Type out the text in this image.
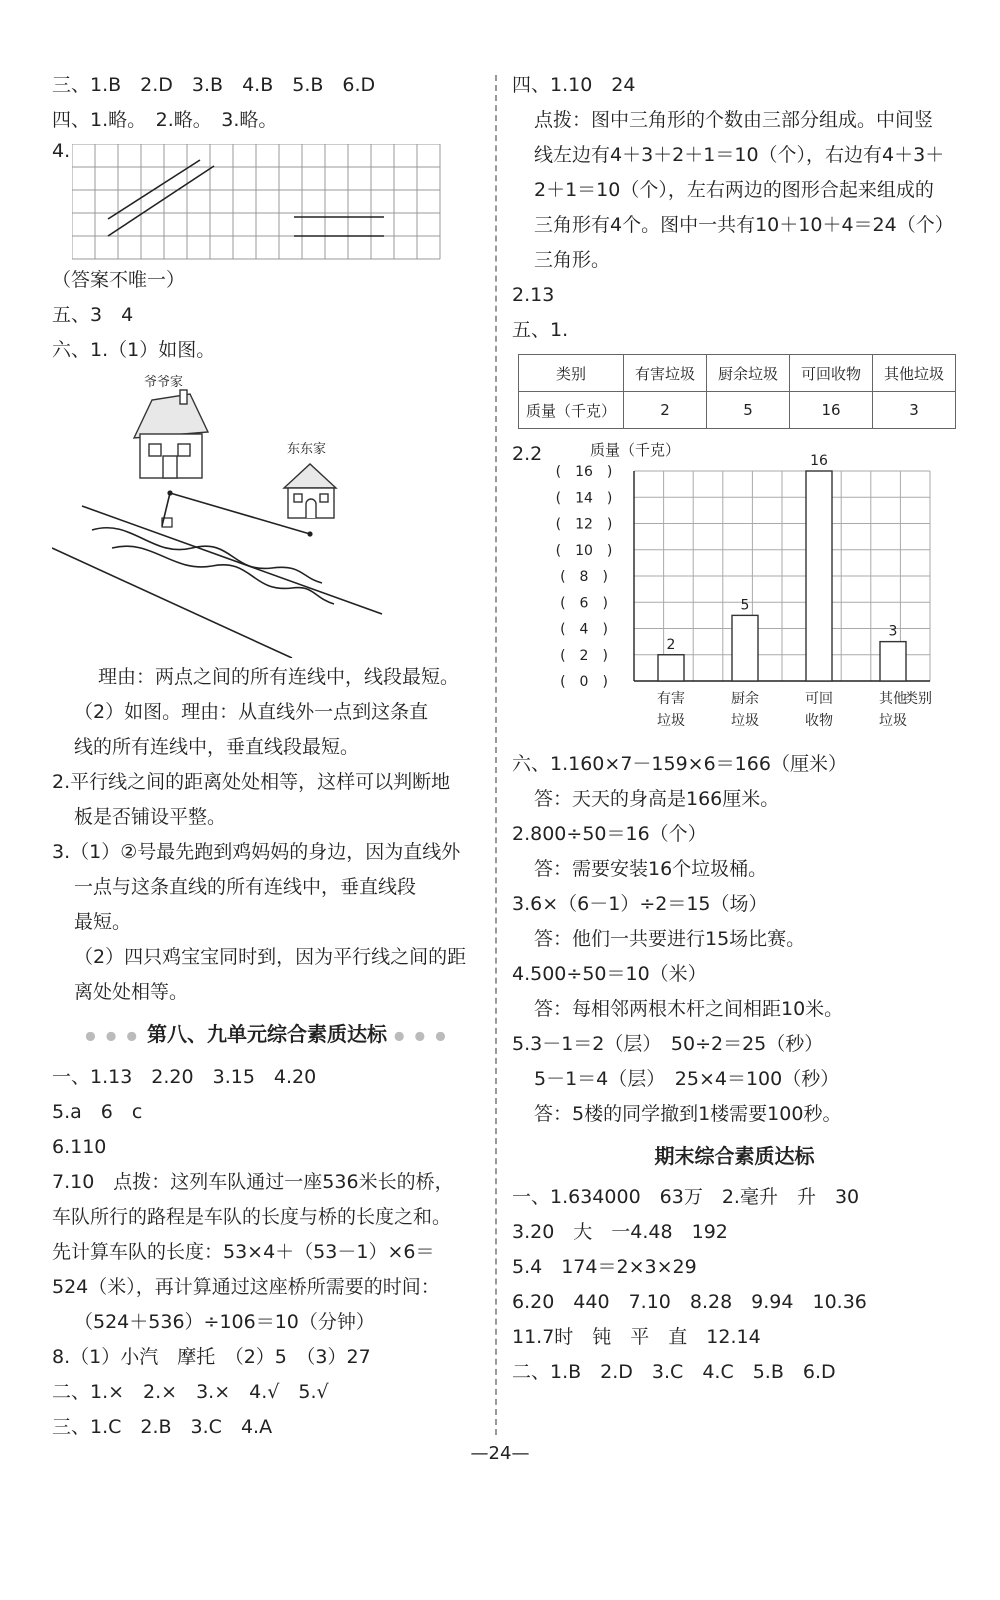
三、1.B　2.D　3.B　4.B　5.B　6.D
四、1.略。　2.略。　3.略。
4.
（答案不唯一）
五、3　4
六、1.（1）如图。
爷爷家
东东家
理由：两点之间的所有连线中，线段最短。
（2）如图。理由：从直线外一点到这条直
线的所有连线中，垂直线段最短。
2.平行线之间的距离处处相等，这样可以判断地
板是否铺设平整。
3.（1）②号最先跑到鸡妈妈的身边，因为直线外
一点与这条直线的所有连线中，垂直线段
最短。
（2）四只鸡宝宝同时到，因为平行线之间的距
离处处相等。
● ● ● 第八、九单元综合素质达标 ● ● ●
一、1.13　2.20　3.15　4.20
5.a　6　c
6.110
7.10　点拨：这列车队通过一座536米长的桥，
车队所行的路程是车队的长度与桥的长度之和。
先计算车队的长度：53×4＋（53－1）×6＝
524（米），再计算通过这座桥所需要的时间：
（524＋536）÷106＝10（分钟）
8.（1）小汽　摩托　（2）5　（3）27
二、1.×　2.×　3.×　4.√　5.√
三、1.C　2.B　3.C　4.A
四、1.10　24
点拨：图中三角形的个数由三部分组成。中间竖
线左边有4＋3＋2＋1＝10（个），右边有4＋3＋
2＋1＝10（个），左右两边的图形合起来组成的
三角形有4个。图中一共有10＋10＋4＝24（个）
三角形。
2.13
五、1.
类别	有害垃圾	厨余垃圾	可回收物	其他垃圾
质量（千克）	2	5	16	3
2.2	质量（千克）
(　16　)
(　14　)
(　12　)
(　10　)
(　8　)
(　6　)
(　4　)
(　2　)
(　0　)
2
有害
垃圾
5
厨余
垃圾
16
可回
收物
3
其他
垃圾
类别
六、1.160×7－159×6＝166（厘米）
答：天天的身高是166厘米。
2.800÷50＝16（个）
答：需要安装16个垃圾桶。
3.6×（6－1）÷2＝15（场）
答：他们一共要进行15场比赛。
4.500÷50＝10（米）
答：每相邻两根木杆之间相距10米。
5.3－1＝2（层）　50÷2＝25（秒）
5－1＝4（层）　25×4＝100（秒）
答：5楼的同学撤到1楼需要100秒。
期末综合素质达标
一、1.634000　63万　2.毫升　升　30
3.20　大　一4.48　192
5.4　174＝2×3×29
6.20　440　7.10　8.28　9.94　10.36
11.7时　钝　平　直　12.14
二、1.B　2.D　3.C　4.C　5.B　6.D
—24—
